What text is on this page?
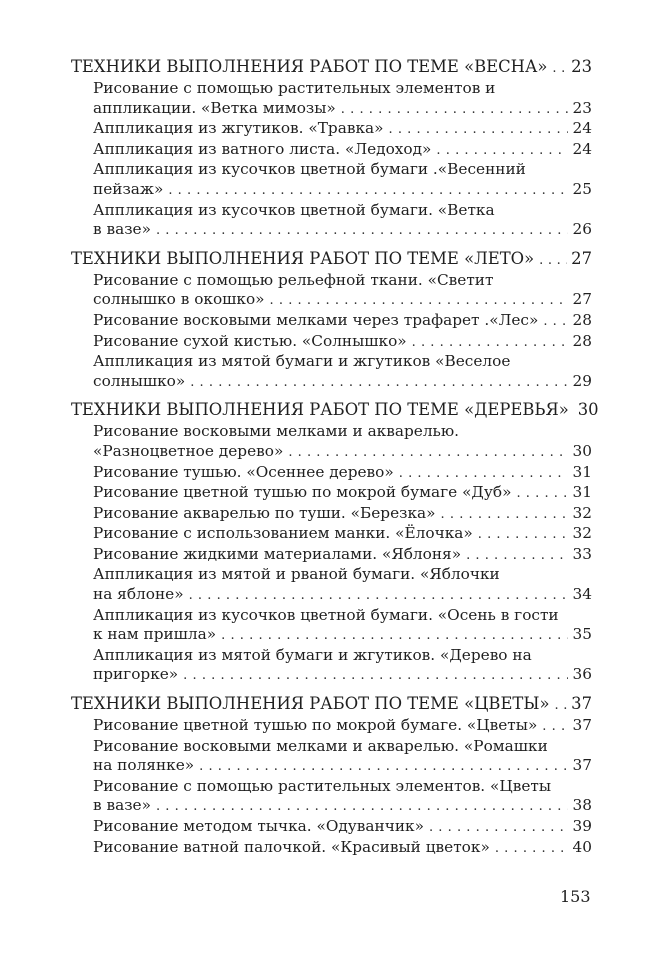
ТЕХНИКИ ВЫПОЛНЕНИЯ РАБОТ ПО ТЕМЕ «ВЕСНА» ..... 23
Рисование с помощью растительных элементов и
аппликации. «Ветка мимозы» .....	23
Аппликация из жгутиков. «Травка» .....	24
Аппликация из ватного листа. «Ледоход» .....	24
Аппликация из кусочков цветной бумаги .«Весенний
пейзаж» .....	25
Аппликация из кусочков цветной бумаги. «Ветка
в вазе» .....	26
ТЕХНИКИ ВЫПОЛНЕНИЯ РАБОТ ПО ТЕМЕ «ЛЕТО» ..... 27
Рисование с помощью рельефной ткани. «Светит
солнышко в окошко» .....	27
Рисование восковыми мелками через трафарет .«Лес» ..... 28
Рисование сухой кистью. «Солнышко» .....	28
Аппликация из мятой бумаги и жгутиков «Веселое
солнышко» .....	29
ТЕХНИКИ ВЫПОЛНЕНИЯ РАБОТ ПО ТЕМЕ «ДЕРЕВЬЯ» 30
Рисование восковыми мелками и акварелью.
«Разноцветное дерево» .....	30
Рисование тушью. «Осеннее дерево» .....	31
Рисование цветной тушью по мокрой бумаге «Дуб» .....	31
Рисование акварелью по туши. «Березка» .....	32
Рисование с использованием манки. «Ёлочка» .....	32
Рисование жидкими материалами. «Яблоня» .....	33
Аппликация из мятой и рваной бумаги. «Яблочки
на яблоне» .....	34
Аппликация из кусочков цветной бумаги. «Осень в гости
к нам пришла» .....	35
Аппликация из мятой бумаги и жгутиков. «Дерево на
пригорке» .....	36
ТЕХНИКИ ВЫПОЛНЕНИЯ РАБОТ ПО ТЕМЕ «ЦВЕТЫ» ..... 37
Рисование цветной тушью по мокрой бумаге. «Цветы» ..... 37
Рисование восковыми мелками и акварелью. «Ромашки
на полянке» .....	37
Рисование с помощью растительных элементов. «Цветы
в вазе» .....	38
Рисование методом тычка. «Одуванчик» .....	39
Рисование ватной палочкой. «Красивый цветок» .....	40
153
